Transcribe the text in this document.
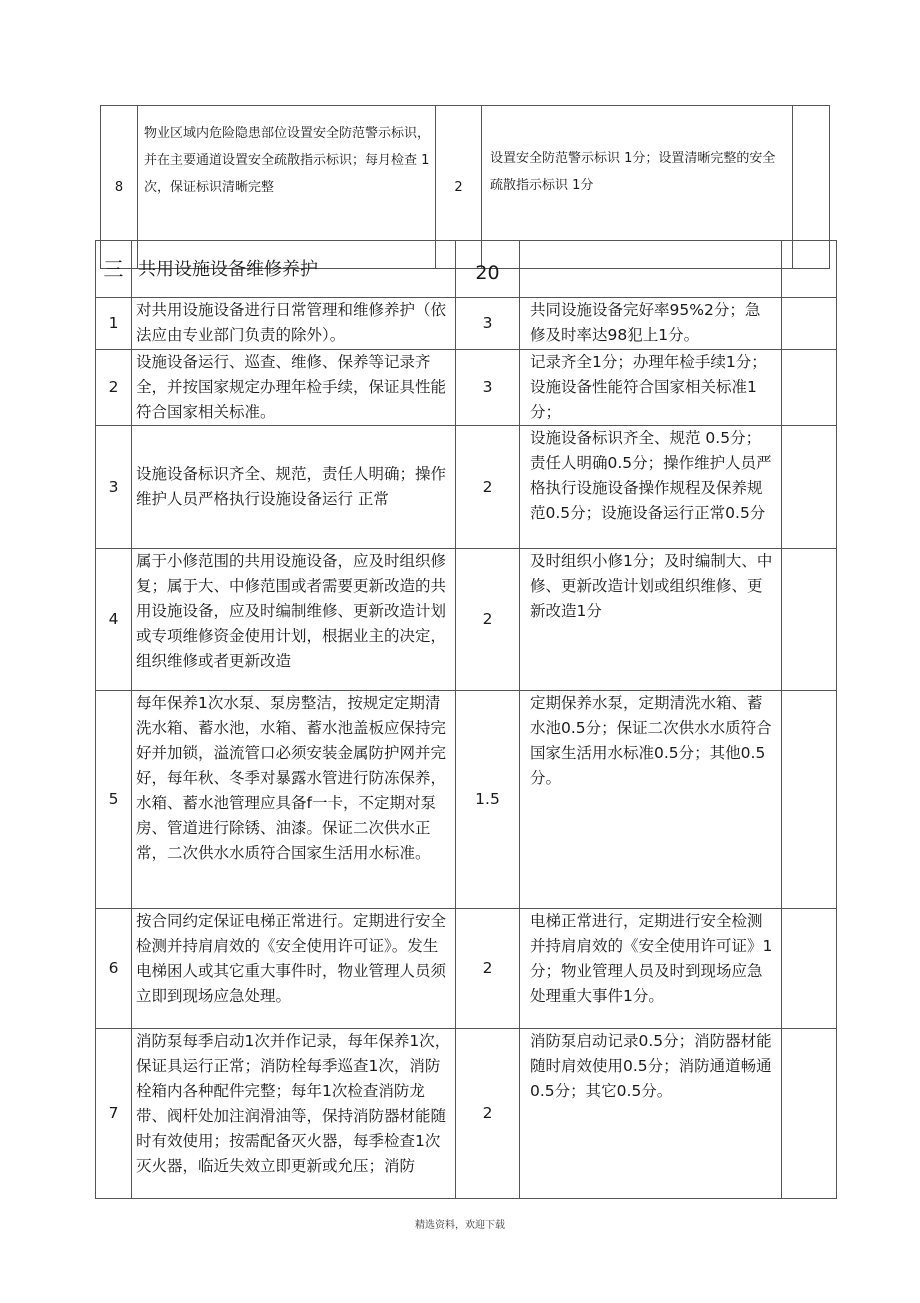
8	物业区域内危险隐患部位设置安全防范警示标识，并在主要通道设置安全疏散指示标识；每月检查 1次，保证标识清晰完整	2	设置安全防范警示标识 1分；设置清晰完整的安全疏散指示标识 1分	
三	共用设施设备维修养护	20		
1	对共用设施设备进行日常管理和维修养护（依法应由专业部门负责的除外）。	3	共同设施设备完好率95%2分；急修及时率达98犯上1分。	
2	设施设备运行、巡查、维修、保养等记录齐全，并按国家规定办理年检手续，保证具性能符合国家相关标准。	3	记录齐全1分；办理年检手续1分；设施设备性能符合国家相关标准1分；	
3	设施设备标识齐全、规范，责任人明确；操作维护人员严格执行设施设备运行 正常	2	设施设备标识齐全、规范 0.5分；责任人明确0.5分；操作维护人员严格执行设施设备操作规程及保养规范0.5分；设施设备运行正常0.5分	
4	属于小修范围的共用设施设备，应及时组织修复；属于大、中修范围或者需要更新改造的共用设施设备，应及时编制维修、更新改造计划或专项维修资金使用计划，根据业主的决定，组织维修或者更新改造	2	及时组织小修1分；及时编制大、中修、更新改造计划或组织维修、更新改造1分	
5	每年保养1次水泵、泵房整洁，按规定定期清洗水箱、蓄水池，水箱、蓄水池盖板应保持完好并加锁，溢流管口必须安装金属防护网并完好，每年秋、冬季对暴露水管进行防冻保养，水箱、蓄水池管理应具备f一卡，不定期对泵房、管道进行除锈、油漆。保证二次供水正常，二次供水水质符合国家生活用水标准。	1.5	定期保养水泵，定期清洗水箱、蓄水池0.5分；保证二次供水水质符合国家生活用水标准0.5分；其他0.5分。	
6	按合同约定保证电梯正常进行。定期进行安全检测并持肩肩效的《安全使用许可证》。发生电梯困人或其它重大事件时，物业管理人员须立即到现场应急处理。	2	电梯正常进行，定期进行安全检测并持肩肩效的《安全使用许可证》1分；物业管理人员及时到现场应急处理重大事件1分。	
7	消防泵每季启动1次并作记录，每年保养1次，保证具运行正常；消防栓每季巡查1次，消防栓箱内各种配件完整；每年1次检查消防龙带、阀杆处加注润滑油等，保持消防器材能随时有效使用；按需配备灭火器，每季检查1次灭火器，临近失效立即更新或允压；消防	2	消防泵启动记录0.5分；消防器材能随时肩效使用0.5分；消防通道畅通0.5分；其它0.5分。	
精选资料，欢迎下载
